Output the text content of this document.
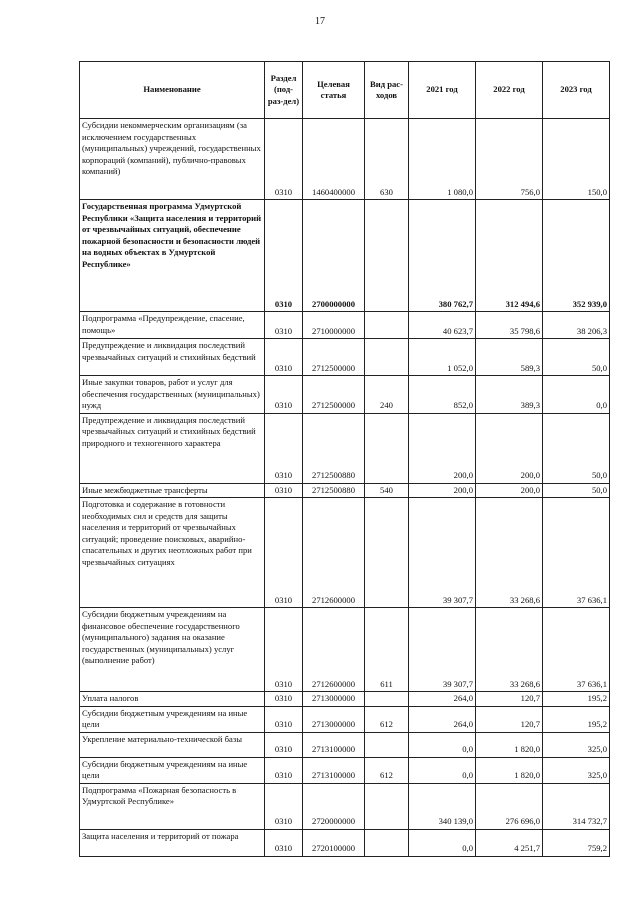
17
Наименование	Раздел (под-раз-дел)	Целевая статья	Вид рас-ходов	2021 год	2022 год	2023 год
Субсидии некоммерческим организациям (за исключением государственных (муниципальных) учреждений, государственных корпораций (компаний), публично-правовых компаний)	0310	1460400000	630	1 080,0	756,0	150,0
Государственная программа Удмуртской Республики «Защита населения и территорий от чрезвычайных ситуаций, обеспечение пожарной безопасности и безопасности людей на водных объектах в Удмуртской Республике»	0310	2700000000		380 762,7	312 494,6	352 939,0
Подпрограмма «Предупреждение, спасение, помощь»	0310	2710000000		40 623,7	35 798,6	38 206,3
Предупреждение и ликвидация последствий чрезвычайных ситуаций и стихийных бедствий	0310	2712500000		1 052,0	589,3	50,0
Иные закупки товаров, работ и услуг для обеспечения государственных (муниципальных) нужд	0310	2712500000	240	852,0	389,3	0,0
Предупреждение и ликвидация последствий чрезвычайных ситуаций и стихийных бедствий природного и техногенного характера	0310	2712500880		200,0	200,0	50,0
Иные межбюджетные трансферты	0310	2712500880	540	200,0	200,0	50,0
Подготовка и содержание в готовности необходимых сил и средств для защиты населения и территорий от чрезвычайных ситуаций; проведение поисковых, аварийно-спасательных и других неотложных работ при чрезвычайных ситуациях	0310	2712600000		39 307,7	33 268,6	37 636,1
Субсидии бюджетным учреждениям на финансовое обеспечение государственного (муниципального) задания на оказание государственных (муниципальных) услуг (выполнение работ)	0310	2712600000	611	39 307,7	33 268,6	37 636,1
Уплата налогов	0310	2713000000		264,0	120,7	195,2
Субсидии бюджетным учреждениям на иные цели	0310	2713000000	612	264,0	120,7	195,2
Укрепление материально-технической базы	0310	2713100000		0,0	1 820,0	325,0
Субсидии бюджетным учреждениям на иные цели	0310	2713100000	612	0,0	1 820,0	325,0
Подпрограмма «Пожарная безопасность в Удмуртской Республике»	0310	2720000000		340 139,0	276 696,0	314 732,7
Защита населения и территорий от пожара	0310	2720100000		0,0	4 251,7	759,2
